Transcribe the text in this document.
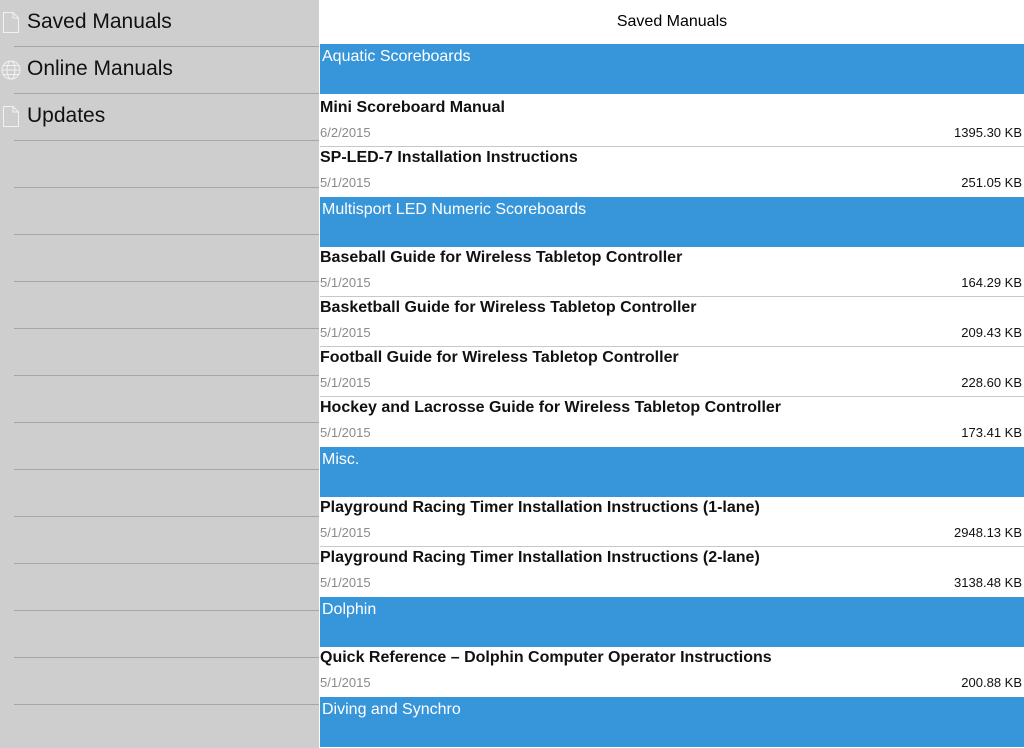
Saved Manuals
Online Manuals
Updates
Saved Manuals
Aquatic Scoreboards
Mini Scoreboard Manual
6/2/2015	1395.30 KB
SP-LED-7 Installation Instructions
5/1/2015	251.05 KB
Multisport LED Numeric Scoreboards
Baseball Guide for Wireless Tabletop Controller
5/1/2015	164.29 KB
Basketball Guide for Wireless Tabletop Controller
5/1/2015	209.43 KB
Football Guide for Wireless Tabletop Controller
5/1/2015	228.60 KB
Hockey and Lacrosse Guide for Wireless Tabletop Controller
5/1/2015	173.41 KB
Misc.
Playground Racing Timer Installation Instructions (1-lane)
5/1/2015	2948.13 KB
Playground Racing Timer Installation Instructions (2-lane)
5/1/2015	3138.48 KB
Dolphin
Quick Reference – Dolphin Computer Operator Instructions
5/1/2015	200.88 KB
Diving and Synchro
